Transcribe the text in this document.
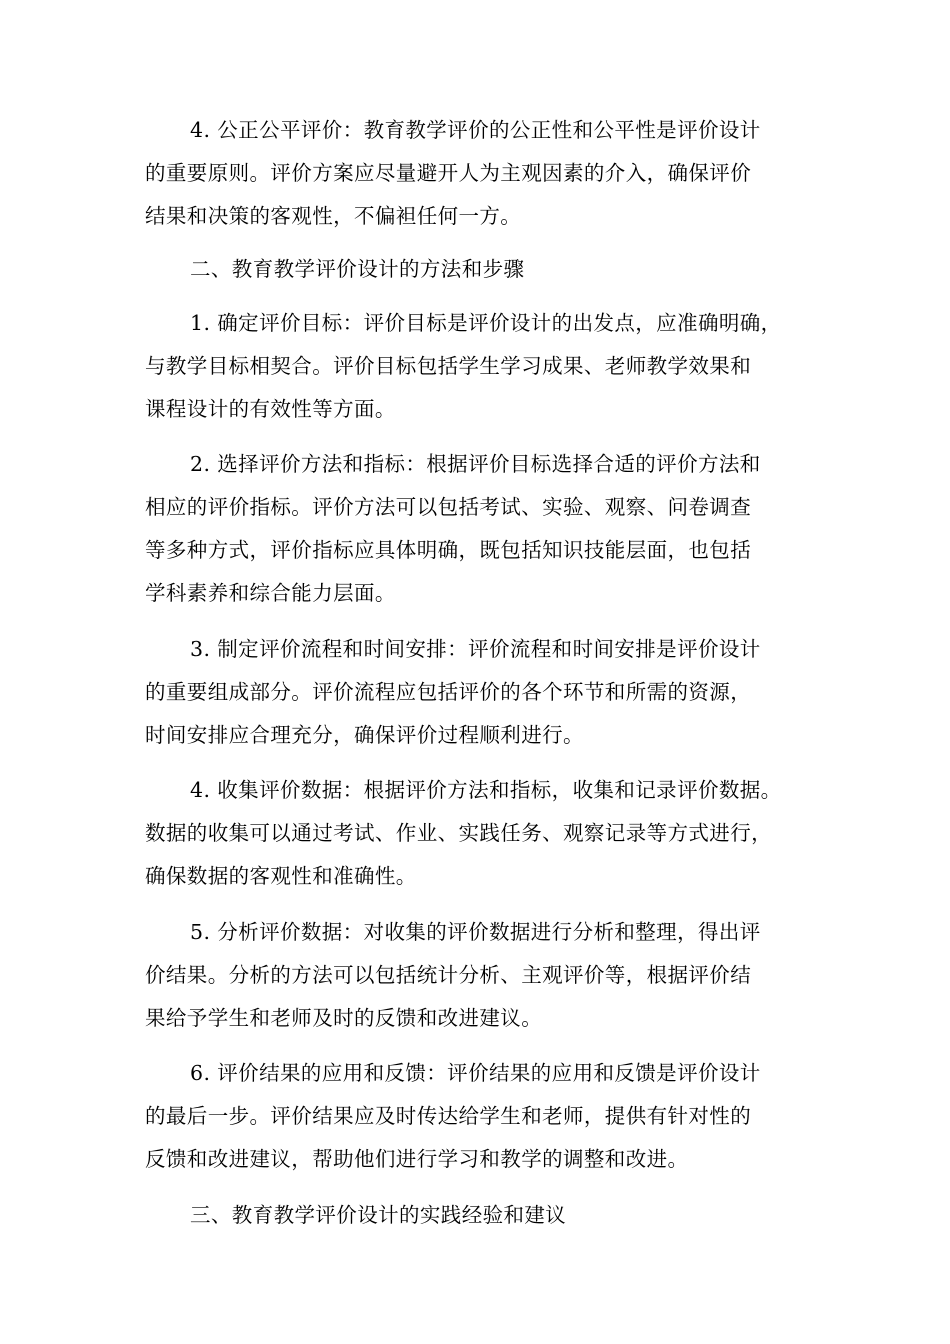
4. 公正公平评价：教育教学评价的公正性和公平性是评价设计
的重要原则。评价方案应尽量避开人为主观因素的介入，确保评价
结果和决策的客观性，不偏袒任何一方。
二、教育教学评价设计的方法和步骤
1. 确定评价目标：评价目标是评价设计的出发点，应准确明确，
与教学目标相契合。评价目标包括学生学习成果、老师教学效果和
课程设计的有效性等方面。
2. 选择评价方法和指标：根据评价目标选择合适的评价方法和
相应的评价指标。评价方法可以包括考试、实验、观察、问卷调查
等多种方式，评价指标应具体明确，既包括知识技能层面，也包括
学科素养和综合能力层面。
3. 制定评价流程和时间安排：评价流程和时间安排是评价设计
的重要组成部分。评价流程应包括评价的各个环节和所需的资源，
时间安排应合理充分，确保评价过程顺利进行。
4. 收集评价数据：根据评价方法和指标，收集和记录评价数据。
数据的收集可以通过考试、作业、实践任务、观察记录等方式进行，
确保数据的客观性和准确性。
5. 分析评价数据：对收集的评价数据进行分析和整理，得出评
价结果。分析的方法可以包括统计分析、主观评价等，根据评价结
果给予学生和老师及时的反馈和改进建议。
6. 评价结果的应用和反馈：评价结果的应用和反馈是评价设计
的最后一步。评价结果应及时传达给学生和老师，提供有针对性的
反馈和改进建议，帮助他们进行学习和教学的调整和改进。
三、教育教学评价设计的实践经验和建议
